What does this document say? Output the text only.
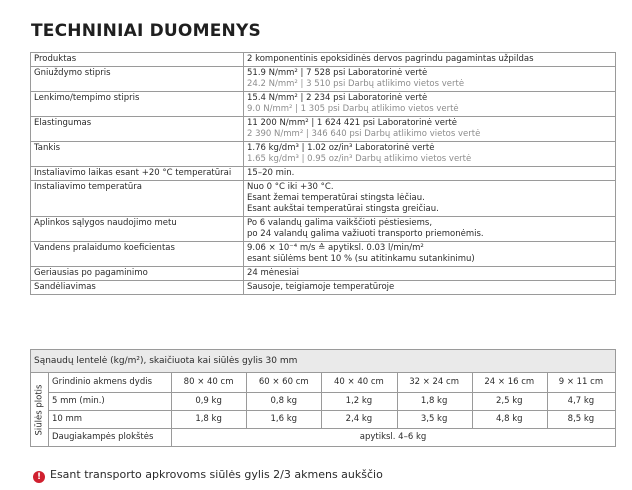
TECHNINIAI DUOMENYS
Produktas	2 komponentinis epoksidinės dervos pagrindu pagamintas užpildas

Gniuždymo stipris	51.9 N/mm² | 7 528 psi Laboratorinė vertė
24.2 N/mm² | 3 510 psi Darbų atlikimo vietos vertė

Lenkimo/tempimo stipris	15.4 N/mm² | 2 234 psi Laboratorinė vertė
9.0 N/mm² | 1 305 psi Darbų atlikimo vietos vertė

Elastingumas	11 200 N/mm² | 1 624 421 psi Laboratorinė vertė
2 390 N/mm² | 346 640 psi Darbų atlikimo vietos vertė

Tankis	1.76 kg/dm³ | 1.02 oz/in³ Laboratorinė vertė
1.65 kg/dm³ | 0.95 oz/in³ Darbų atlikimo vietos vertė

Instaliavimo laikas esant +20 °C temperatūrai	15–20 min.

Instaliavimo temperatūra	Nuo 0 °C iki +30 °C.
Esant žemai temperatūrai stingsta lėčiau.
Esant aukštai temperatūrai stingsta greičiau.

Aplinkos sąlygos naudojimo metu	Po 6 valandų galima vaikščioti pėstiesiems,
po 24 valandų galima važiuoti transporto priemonėmis.

Vandens pralaidumo koeficientas	9.06 × 10⁻⁴ m/s ≙ apytiksl. 0.03 l/min/m²
esant siūlėms bent 10 % (su atitinkamu sutankinimu)

Geriausias po pagaminimo	24 mėnesiai

Sandėliavimas	Sausoje, teigiamoje temperatūroje
Sąnaudų lentelė (kg/m²), skaičiuota kai siūlės gylis 30 mm							

Siūlės plotis	Grindinio akmens dydis	80 × 40 cm	60 × 60 cm	40 × 40 cm	32 × 24 cm	24 × 16 cm	9 × 11 cm
	5 mm (min.)	0,9 kg	0,8 kg	1,2 kg	1,8 kg	2,5 kg	4,7 kg
	10 mm	1,8 kg	1,6 kg	2,4 kg	3,5 kg	4,8 kg	8,5 kg
	Daugiakampės plokštės	apytiksl. 4–6 kg					
! Esant transporto apkrovoms siūlės gylis 2/3 akmens aukščio
